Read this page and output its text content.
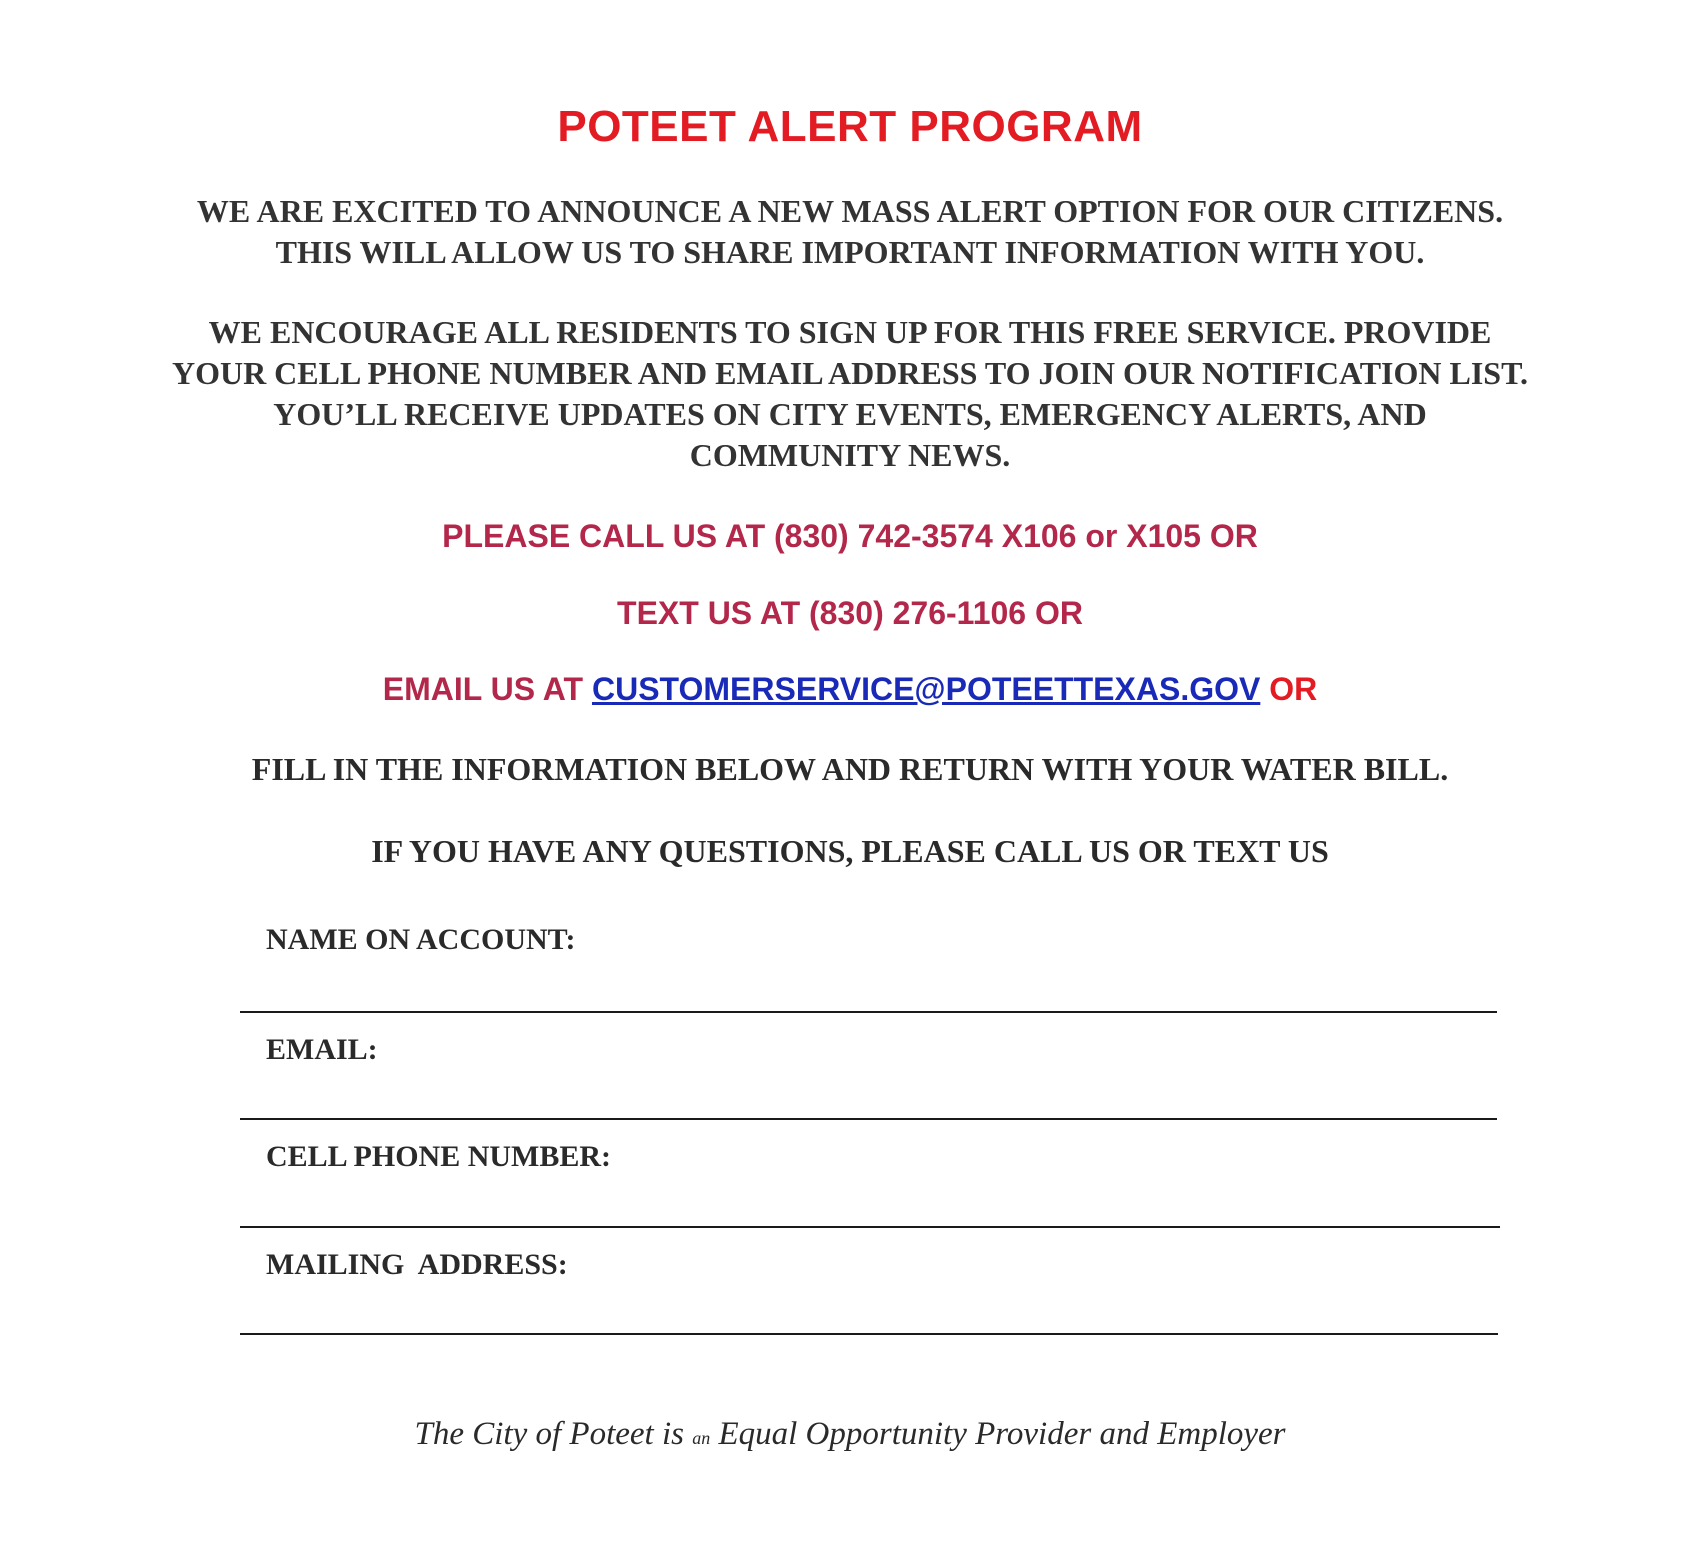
POTEET ALERT PROGRAM
WE ARE EXCITED TO ANNOUNCE A NEW MASS ALERT OPTION FOR OUR CITIZENS.
THIS WILL ALLOW US TO SHARE IMPORTANT INFORMATION WITH YOU.
WE ENCOURAGE ALL RESIDENTS TO SIGN UP FOR THIS FREE SERVICE. PROVIDE
YOUR CELL PHONE NUMBER AND EMAIL ADDRESS TO JOIN OUR NOTIFICATION LIST.
YOU’LL RECEIVE UPDATES ON CITY EVENTS, EMERGENCY ALERTS, AND
COMMUNITY NEWS.
PLEASE CALL US AT (830) 742-3574 X106 or X105 OR
TEXT US AT (830) 276-1106 OR
EMAIL US AT CUSTOMERSERVICE@POTEETTEXAS.GOV OR
FILL IN THE INFORMATION BELOW AND RETURN WITH YOUR WATER BILL.
IF YOU HAVE ANY QUESTIONS, PLEASE CALL US OR TEXT US
NAME ON ACCOUNT:
EMAIL:
CELL PHONE NUMBER:
MAILING  ADDRESS:
The City of Poteet is an Equal Opportunity Provider and Employer
